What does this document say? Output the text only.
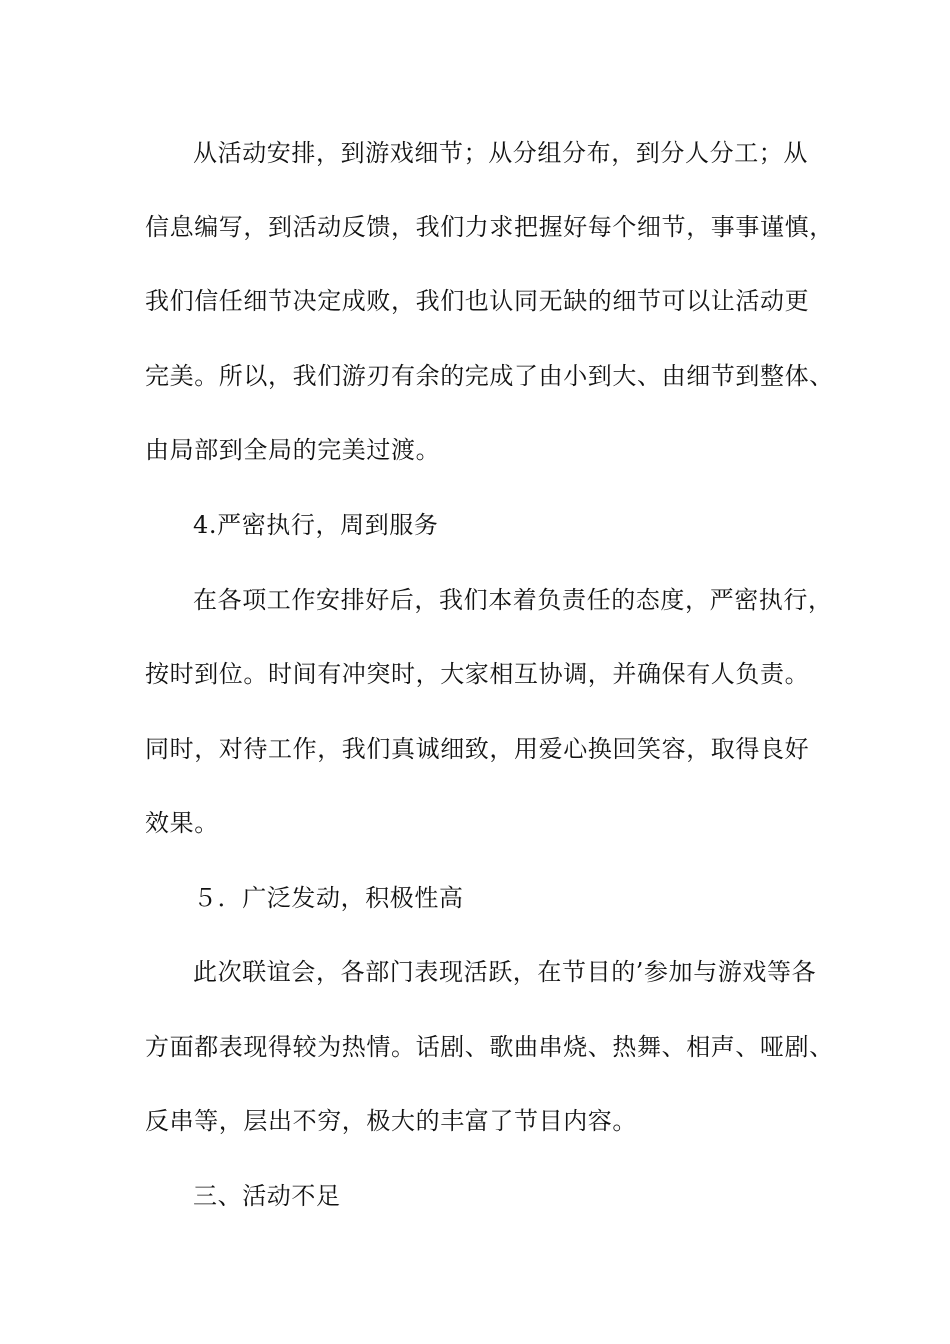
从活动安排，到游戏细节；从分组分布，到分人分工；从
信息编写，到活动反馈，我们力求把握好每个细节，事事谨慎，
我们信任细节决定成败，我们也认同无缺的细节可以让活动更
完美。所以，我们游刃有余的完成了由小到大、由细节到整体、
由局部到全局的完美过渡。
4.严密执行，周到服务
在各项工作安排好后，我们本着负责任的态度，严密执行，
按时到位。时间有冲突时，大家相互协调，并确保有人负责。
同时，对待工作，我们真诚细致，用爱心换回笑容，取得良好
效果。
５．广泛发动，积极性高
此次联谊会，各部门表现活跃，在节目的’参加与游戏等各
方面都表现得较为热情。话剧、歌曲串烧、热舞、相声、哑剧、
反串等，层出不穷，极大的丰富了节目内容。
三、活动不足
